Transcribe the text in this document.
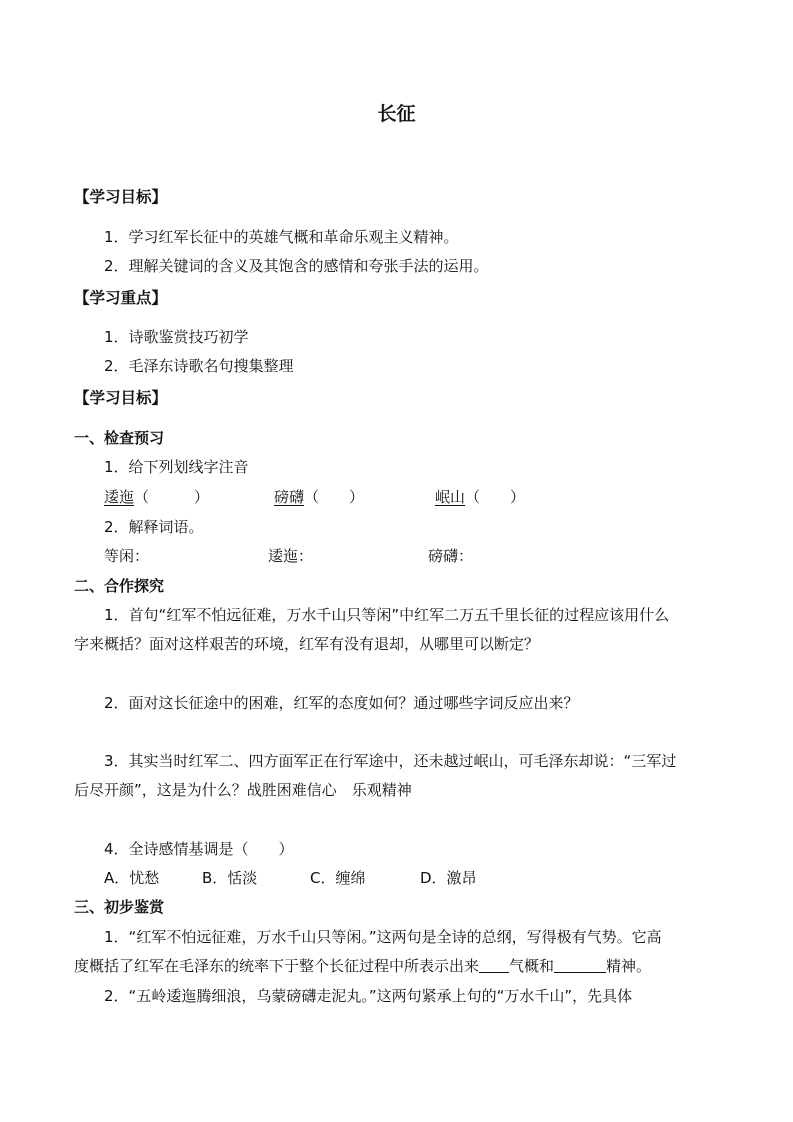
长征
【学习目标】
1．学习红军长征中的英雄气概和革命乐观主义精神。
2．理解关键词的含义及其饱含的感情和夸张手法的运用。
【学习重点】
1．诗歌鉴赏技巧初学
2．毛泽东诗歌名句搜集整理
【学习目标】
一、检查预习
1．给下列划线字注音
逶迤（　　　）	磅礴（　　）	岷山（　　）
2．解释词语。
等闲：	逶迤：	磅礴：
二、合作探究
1．首句“红军不怕远征难，万水千山只等闲”中红军二万五千里长征的过程应该用什么
字来概括？面对这样艰苦的环境，红军有没有退却，从哪里可以断定？
2．面对这长征途中的困难，红军的态度如何？通过哪些字词反应出来？
3．其实当时红军二、四方面军正在行军途中，还未越过岷山，可毛泽东却说：“三军过
后尽开颜”，这是为什么？战胜困难信心　乐观精神
4．全诗感情基调是（　　）
A．忧愁	B．恬淡	C．缠绵	D．激昂
三、初步鉴赏
1．“红军不怕远征难，万水千山只等闲。”这两句是全诗的总纲，写得极有气势。它高
度概括了红军在毛泽东的统率下于整个长征过程中所表示出来 气概和	精神。
2．“五岭逶迤腾细浪，乌蒙磅礴走泥丸。”这两句紧承上句的“万水千山”，先具体
